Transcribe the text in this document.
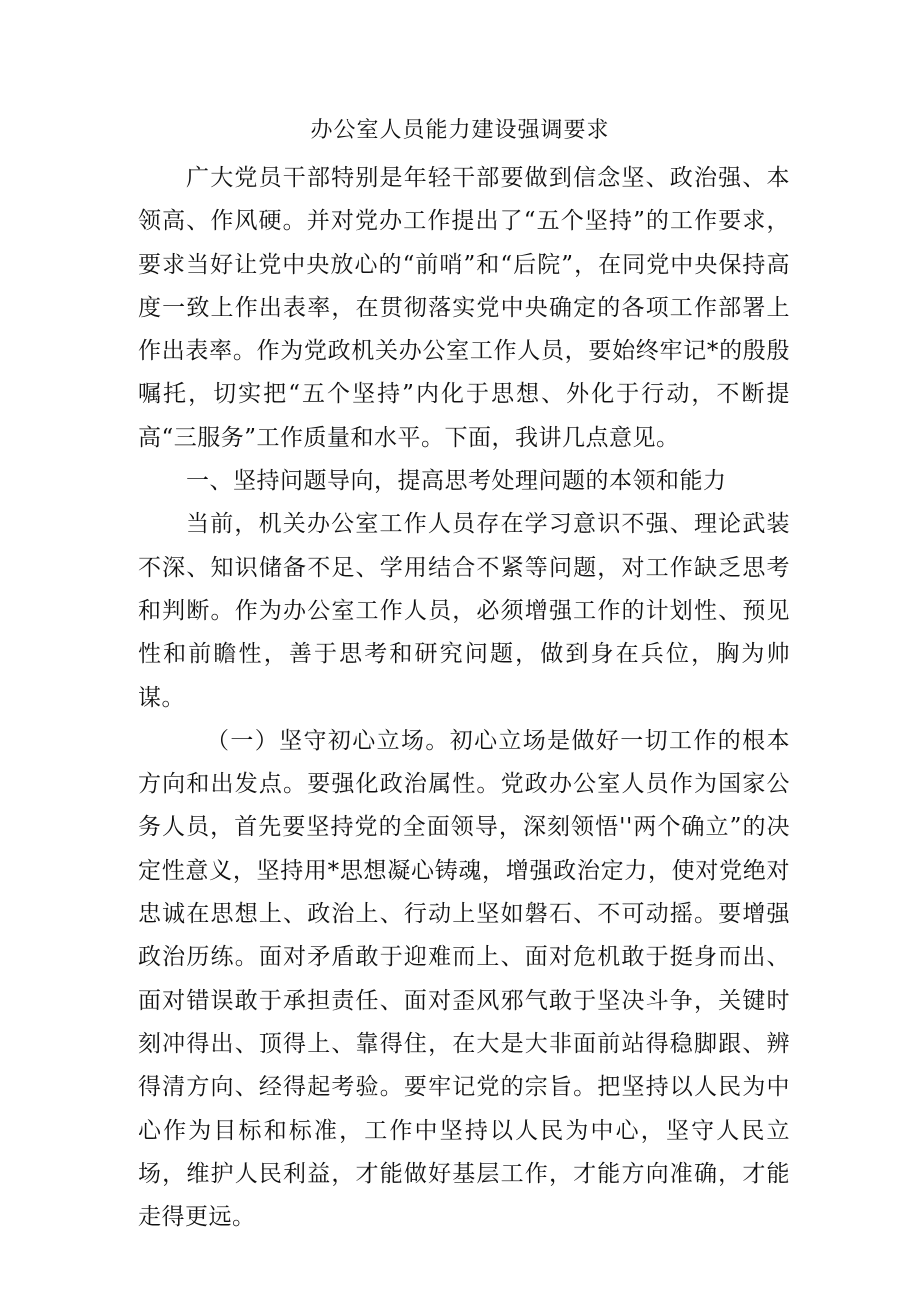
办公室人员能力建设强调要求

广大党员干部特别是年轻干部要做到信念坚、政治强、本领高、作风硬。并对党办工作提出了“五个坚持”的工作要求，要求当好让党中央放心的“前哨”和“后院”，在同党中央保持高度一致上作出表率，在贯彻落实党中央确定的各项工作部署上作出表率。作为党政机关办公室工作人员，要始终牢记*的殷殷嘱托，切实把“五个坚持”内化于思想、外化于行动，不断提高“三服务”工作质量和水平。下面，我讲几点意见。

一、坚持问题导向，提高思考处理问题的本领和能力

当前，机关办公室工作人员存在学习意识不强、理论武装不深、知识储备不足、学用结合不紧等问题，对工作缺乏思考和判断。作为办公室工作人员，必须增强工作的计划性、预见性和前瞻性，善于思考和研究问题，做到身在兵位，胸为帅谋。

（一）坚守初心立场。初心立场是做好一切工作的根本方向和出发点。要强化政治属性。党政办公室人员作为国家公务人员，首先要坚持党的全面领导，深刻领悟''两个确立”的决定性意义，坚持用*思想凝心铸魂，增强政治定力，使对党绝对忠诚在思想上、政治上、行动上坚如磐石、不可动摇。要增强政治历练。面对矛盾敢于迎难而上、面对危机敢于挺身而出、面对错误敢于承担责任、面对歪风邪气敢于坚决斗争，关键时刻冲得出、顶得上、靠得住，在大是大非面前站得稳脚跟、辨得清方向、经得起考验。要牢记党的宗旨。把坚持以人民为中心作为目标和标准，工作中坚持以人民为中心，坚守人民立场，维护人民利益，才能做好基层工作，才能方向准确，才能走得更远。
